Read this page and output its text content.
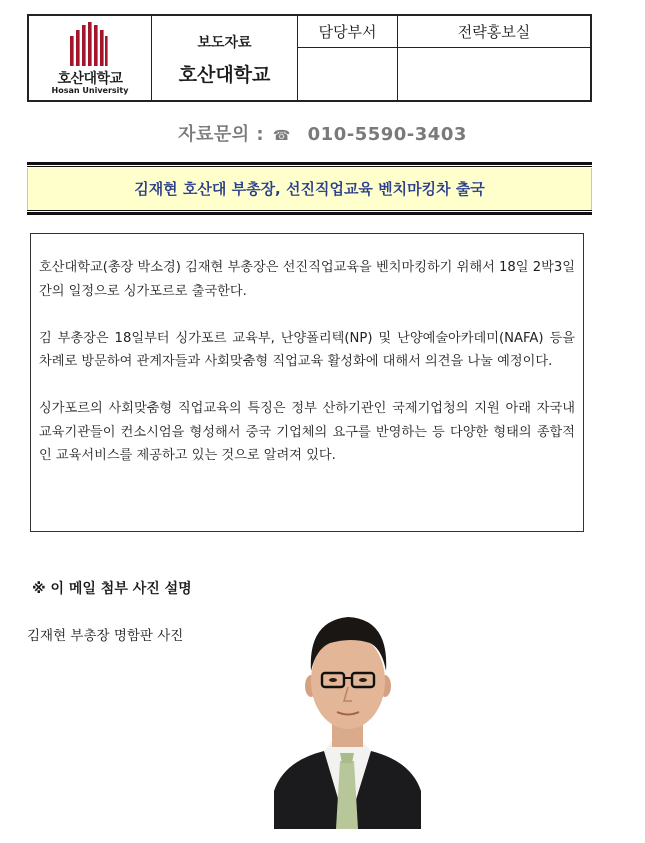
호산대학교
Hosan University
보도자료
호산대학교
담당부서	전략홍보실
자료문의 : ☎ 010-5590-3403
김재현 호산대 부총장, 선진직업교육 벤치마킹차 출국

호산대학교(총장 박소경) 김재현 부총장은 선진직업교육을 벤치마킹하기 위해서 18일 2박3일간의 일정으로 싱가포르로 출국한다.

김 부총장은 18일부터 싱가포르 교육부, 난양폴리텍(NP) 및 난양예술아카데미(NAFA) 등을 차례로 방문하여 관계자들과 사회맞춤형 직업교육 활성화에 대해서 의견을 나눌 예정이다.

싱가포르의 사회맞춤형 직업교육의 특징은 정부 산하기관인 국제기업청의 지원 아래 자국내 교육기관들이 컨소시엄을 형성해서 중국 기업체의 요구를 반영하는 등 다양한 형태의 종합적인 교육서비스를 제공하고 있는 것으로 알려져 있다.

※ 이 메일 첨부 사진 설명
김재현 부총장 명함판 사진
